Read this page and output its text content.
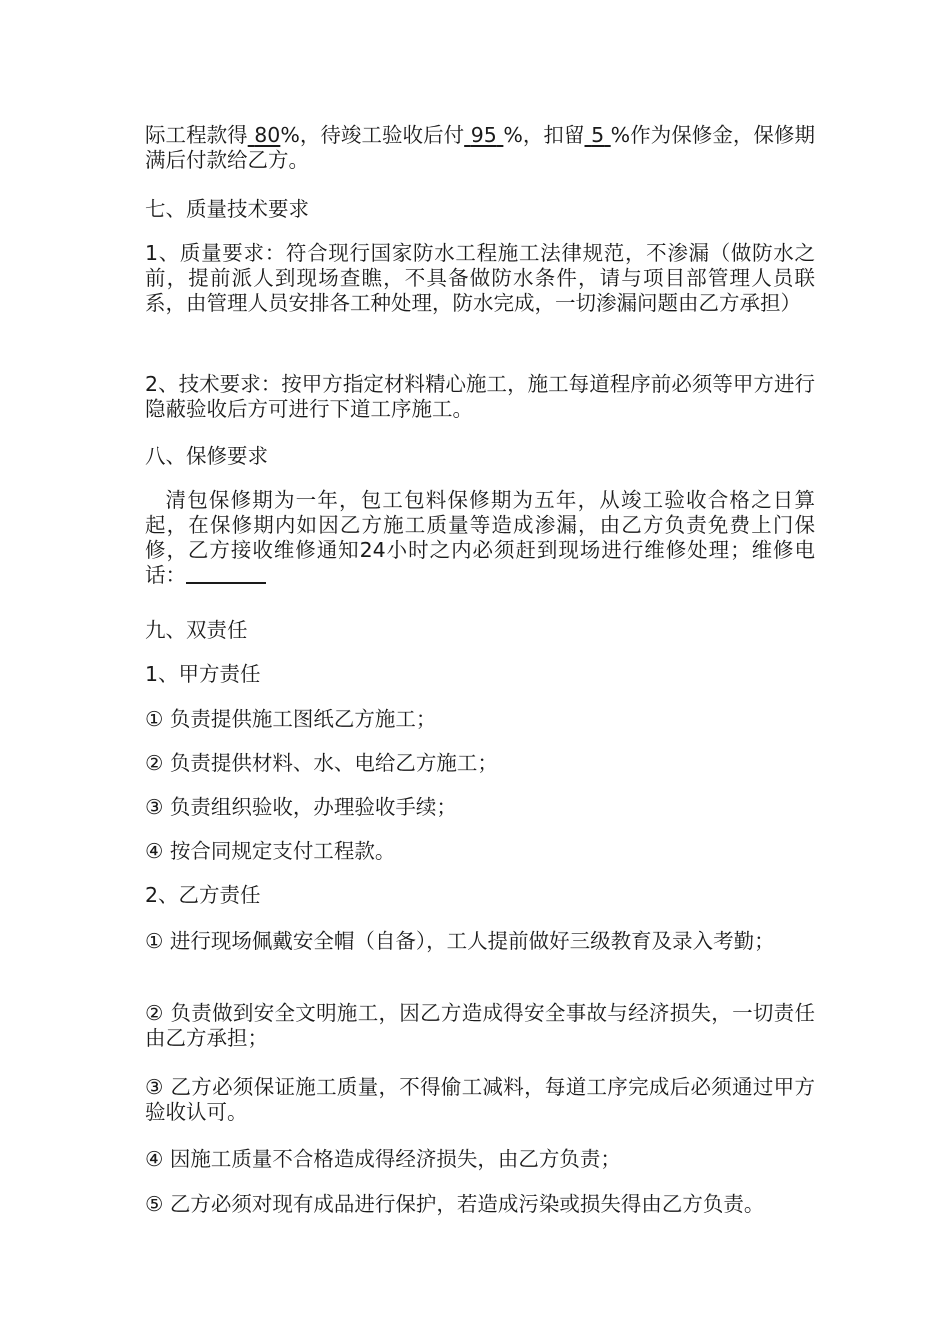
际工程款得 80%，待竣工验收后付 95 %，扣留 5 %作为保修金，保修期满后付款给乙方。

七、质量技术要求

1、质量要求：符合现行国家防水工程施工法律规范，不渗漏（做防水之前，提前派人到现场查瞧，不具备做防水条件，请与项目部管理人员联系，由管理人员安排各工种处理，防水完成，一切渗漏问题由乙方承担）

2、技术要求：按甲方指定材料精心施工，施工每道程序前必须等甲方进行隐蔽验收后方可进行下道工序施工。

八、保修要求

清包保修期为一年，包工包料保修期为五年，从竣工验收合格之日算起，在保修期内如因乙方施工质量等造成渗漏，由乙方负责免费上门保修，乙方接收维修通知24小时之内必须赶到现场进行维修处理；维修电话：

九、双责任

1、甲方责任

① 负责提供施工图纸乙方施工；

② 负责提供材料、水、电给乙方施工；

③ 负责组织验收，办理验收手续；

④ 按合同规定支付工程款。

2、乙方责任

① 进行现场佩戴安全帽（自备），工人提前做好三级教育及录入考勤；

② 负责做到安全文明施工，因乙方造成得安全事故与经济损失，一切责任由乙方承担；

③ 乙方必须保证施工质量，不得偷工减料，每道工序完成后必须通过甲方验收认可。

④ 因施工质量不合格造成得经济损失，由乙方负责；

⑤ 乙方必须对现有成品进行保护，若造成污染或损失得由乙方负责。
